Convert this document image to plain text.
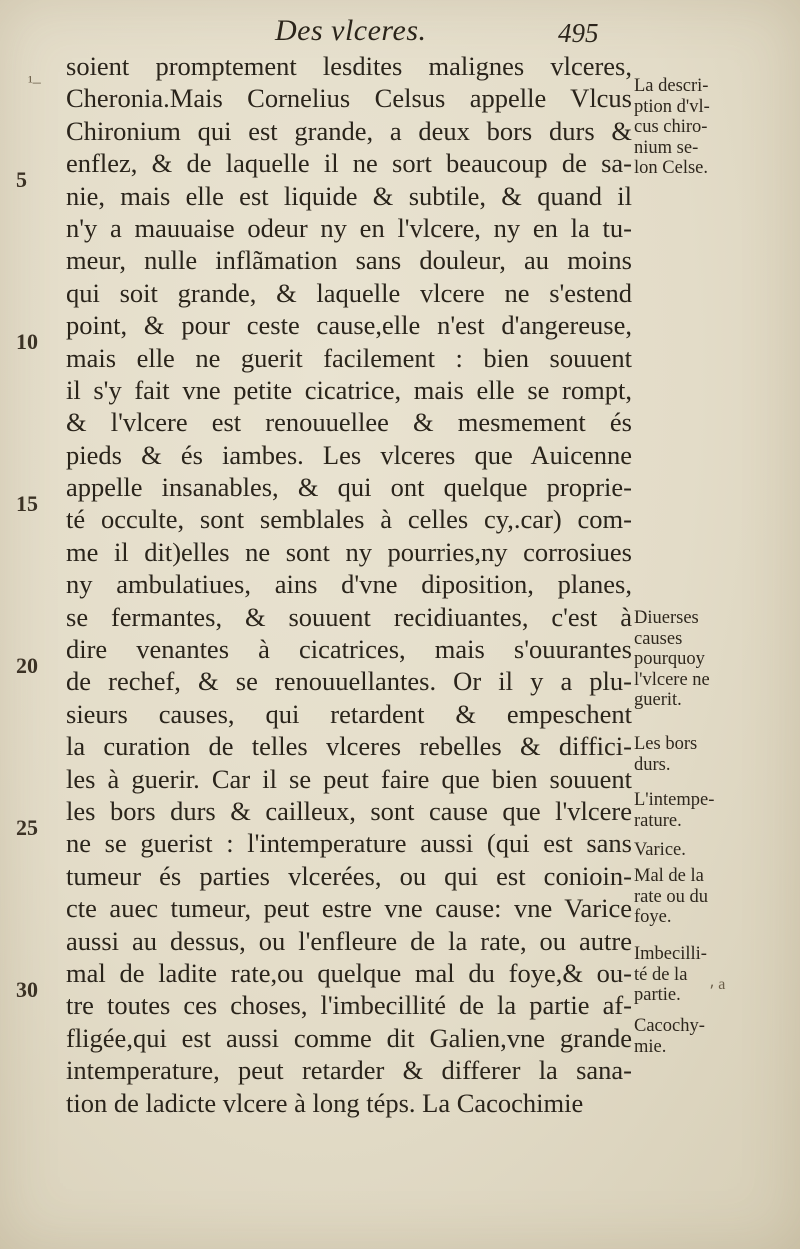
Des vlceres.	495
¹‒
5
10
15
20
25
30
soient promptement lesdites malignes vlceres,
Cheronia.Mais Cornelius Celsus appelle Vlcus
Chironium qui est grande, a deux bors durs &
enflez, & de laquelle il ne sort beaucoup de sa-
nie, mais elle est liquide & subtile, & quand il
n'y a mauuaise odeur ny en l'vlcere, ny en la tu-
meur, nulle inflãmation sans douleur, au moins
qui soit grande, & laquelle vlcere ne s'estend
point, & pour ceste cause,elle n'est d'angereuse,
mais elle ne guerit facilement : bien souuent
il s'y fait vne petite cicatrice, mais elle se rompt,
& l'vlcere est renouuellee & mesmement és
pieds & és iambes. Les vlceres que Auicenne
appelle insanables, & qui ont quelque proprie-
té occulte, sont semblales à celles cy,.car) com-
me il dit)elles ne sont ny pourries,ny corrosiues
ny ambulatiues, ains d'vne diposition, planes,
se fermantes, & souuent recidiuantes, c'est à
dire venantes à cicatrices, mais s'ouurantes
de rechef, & se renouuellantes. Or il y a plu-
sieurs causes, qui retardent & empeschent
la curation de telles vlceres rebelles & diffici-
les à guerir. Car il se peut faire que bien souuent
les bors durs & cailleux, sont cause que l'vlcere
ne se guerist : l'intemperature aussi (qui est sans
tumeur és parties vlcerées, ou qui est conioin-
cte auec tumeur, peut estre vne cause: vne Varice
aussi au dessus, ou l'enfleure de la rate, ou autre
mal de ladite rate,ou quelque mal du foye,& ou-
tre toutes ces choses, l'imbecillité de la partie af-
fligée,qui est aussi comme dit Galien,vne grande
intemperature, peut retarder & differer la sana-
tion de ladicte vlcere à long téps. La Cacochimie
La descri-
ption d'vl-
cus chiro-
nium se-
lon Celse.
Diuerses
causes
pourquoy
l'vlcere ne
guerit.
Les bors
durs.
L'intempe-
rature.
Varice.
Mal de la
rate ou du
foye.
Imbecilli-
té de la
partie.
⸴ a
Cacochy-
mie.
